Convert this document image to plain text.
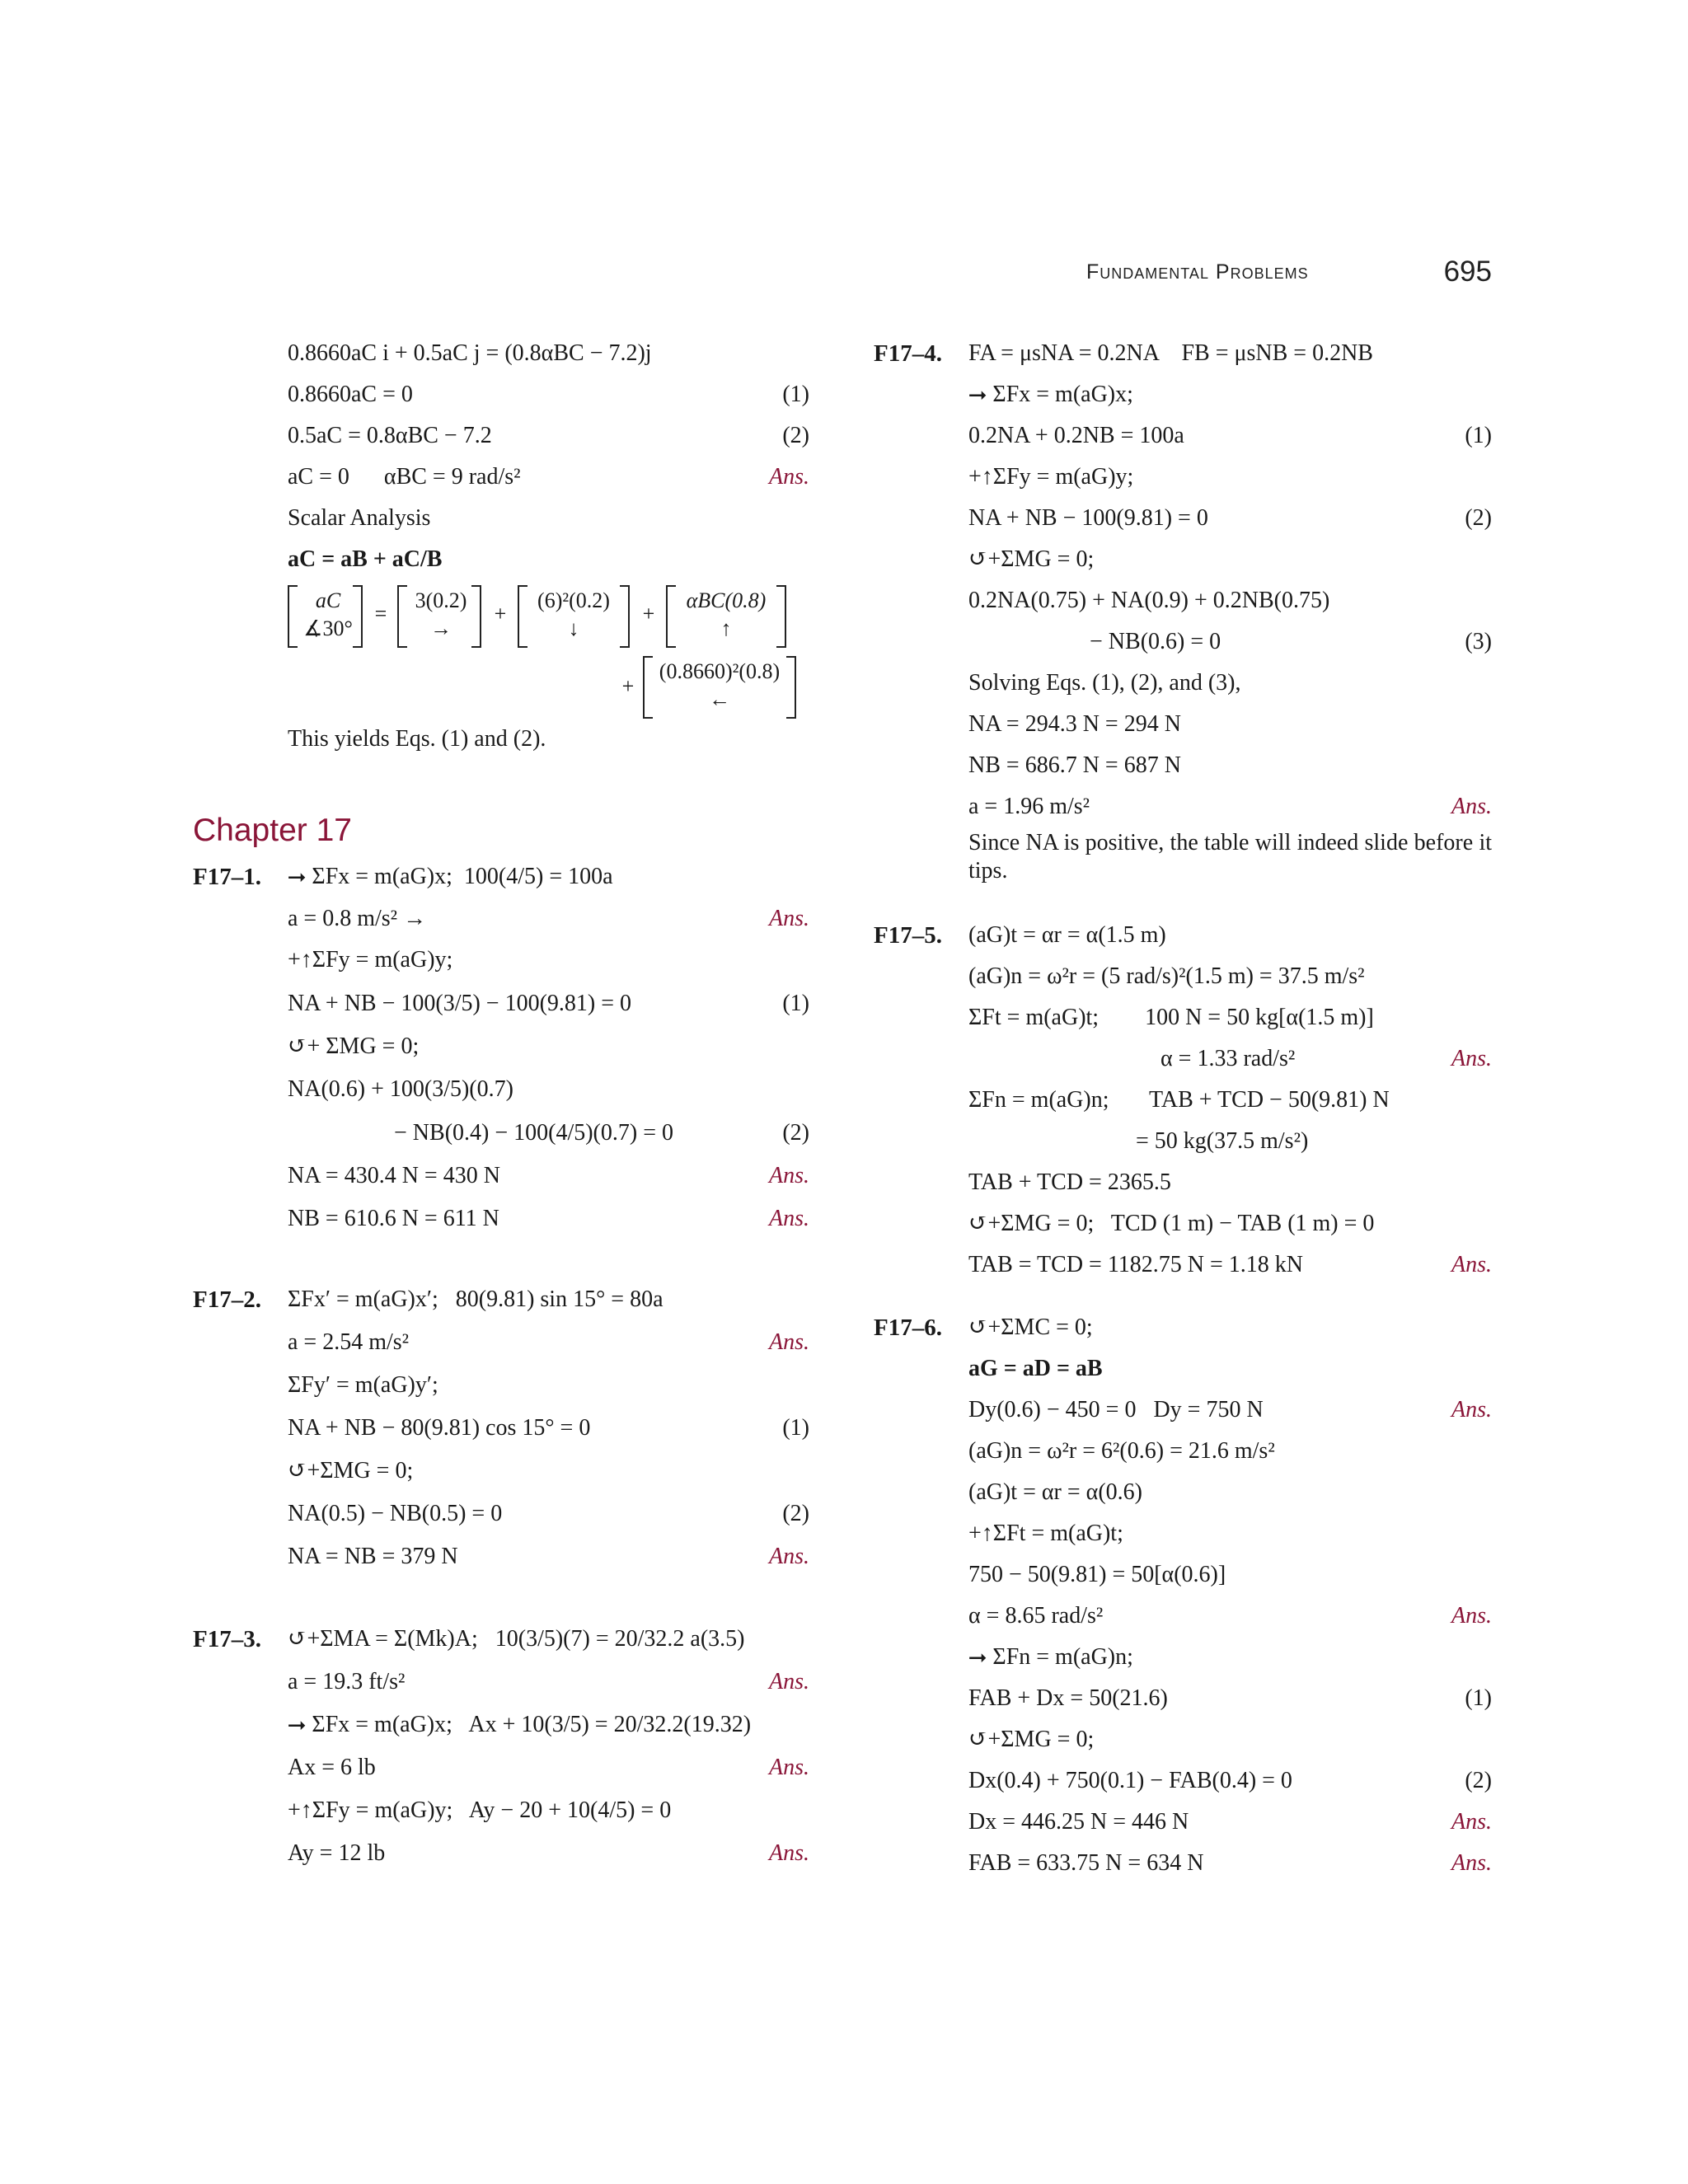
Fundamental Problems	695
0.8660aC i + 0.5aC j = (0.8αBC − 7.2)j
0.8660aC = 0	(1)
0.5aC = 0.8αBC − 7.2	(2)
aC = 0      αBC = 9 rad/s²	Ans.
Scalar Analysis
aC = aB + aC/B
aC
∡30°
=
3(0.2)
→
+
(6)²(0.2)
↓
+
αBC(0.8)
↑
+
(0.8660)²(0.8)
←
This yields Eqs. (1) and (2).
Chapter 17
F17–1. ⭢ ΣFx = m(aG)x;  100(4/5) = 100a
a = 0.8 m/s² →	Ans.
+↑ΣFy = m(aG)y;
NA + NB − 100(3/5) − 100(9.81) = 0	(1)
↺+ ΣMG = 0;
NA(0.6) + 100(3/5)(0.7)
− NB(0.4) − 100(4/5)(0.7) = 0	(2)
NA = 430.4 N = 430 N	Ans.
NB = 610.6 N = 611 N	Ans.
F17–2. ΣFx′ = m(aG)x′;   80(9.81) sin 15° = 80a
a = 2.54 m/s²	Ans.
ΣFy′ = m(aG)y′;
NA + NB − 80(9.81) cos 15° = 0	(1)
↺+ΣMG = 0;
NA(0.5) − NB(0.5) = 0	(2)
NA = NB = 379 N	Ans.
F17–3. ↺+ΣMA = Σ(Mk)A;   10(3/5)(7) = 20/32.2 a(3.5)
a = 19.3 ft/s²	Ans.
⭢ ΣFx = m(aG)x;   Ax + 10(3/5) = 20/32.2(19.32)
Ax = 6 lb	Ans.
+↑ΣFy = m(aG)y;   Ay − 20 + 10(4/5) = 0
Ay = 12 lb	Ans.
F17–4. FA = μsNA = 0.2NA    FB = μsNB = 0.2NB
⭢ ΣFx = m(aG)x;
0.2NA + 0.2NB = 100a	(1)
+↑ΣFy = m(aG)y;
NA + NB − 100(9.81) = 0	(2)
↺+ΣMG = 0;
0.2NA(0.75) + NA(0.9) + 0.2NB(0.75)
− NB(0.6) = 0	(3)
Solving Eqs. (1), (2), and (3),
NA = 294.3 N = 294 N
NB = 686.7 N = 687 N
a = 1.96 m/s²	Ans.
Since NA is positive, the table will indeed slide before it tips.
F17–5. (aG)t = αr = α(1.5 m)
(aG)n = ω²r = (5 rad/s)²(1.5 m) = 37.5 m/s²
ΣFt = m(aG)t;        100 N = 50 kg[α(1.5 m)]
α = 1.33 rad/s²	Ans.
ΣFn = m(aG)n;       TAB + TCD − 50(9.81) N
= 50 kg(37.5 m/s²)
TAB + TCD = 2365.5
↺+ΣMG = 0;   TCD (1 m) − TAB (1 m) = 0
TAB = TCD = 1182.75 N = 1.18 kN	Ans.
F17–6. ↺+ΣMC = 0;
aG = aD = aB
Dy(0.6) − 450 = 0   Dy = 750 N	Ans.
(aG)n = ω²r = 6²(0.6) = 21.6 m/s²
(aG)t = αr = α(0.6)
+↑ΣFt = m(aG)t;
750 − 50(9.81) = 50[α(0.6)]
α = 8.65 rad/s²	Ans.
⭢ ΣFn = m(aG)n;
FAB + Dx = 50(21.6)	(1)
↺+ΣMG = 0;
Dx(0.4) + 750(0.1) − FAB(0.4) = 0	(2)
Dx = 446.25 N = 446 N	Ans.
FAB = 633.75 N = 634 N	Ans.
